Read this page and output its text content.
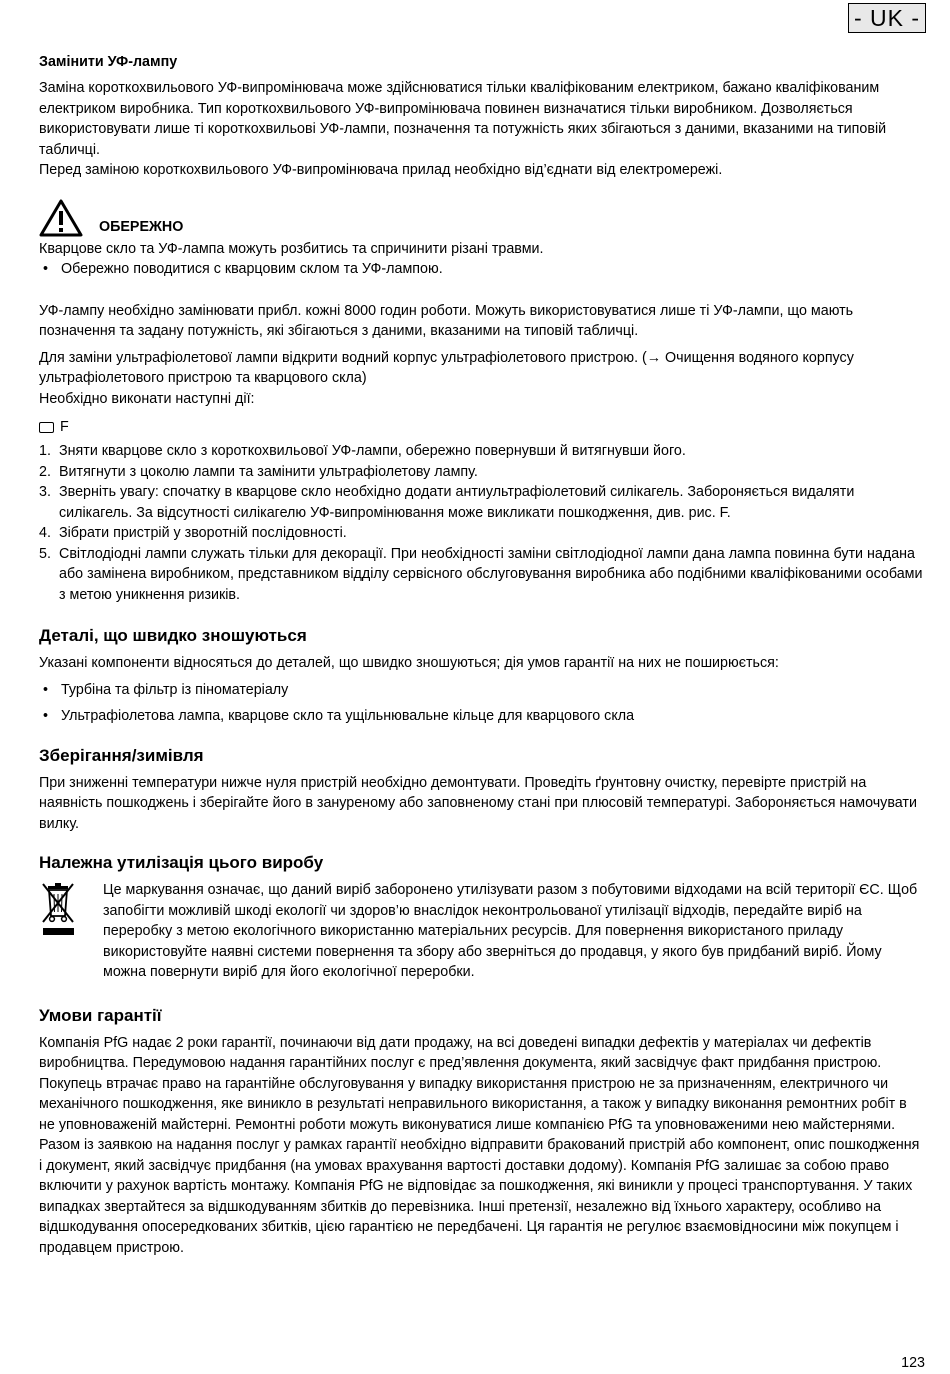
- UK -
Замінити УФ-лампу

Заміна короткохвильового УФ-випромінювача може здійснюватися тільки кваліфікованим електриком, бажано кваліфікованим електриком виробника. Тип короткохвильового УФ-випромінювача повинен визначатися тільки виробником. Дозволяється використовувати лише ті короткохвильові УФ-лампи, позначення та потужність яких збігаються з даними, вказаними на типовій табличці.

Перед заміною короткохвильового УФ-випромінювача прилад необхідно від’єднати від електромережі.

ОБЕРЕЖНО

Кварцове скло та УФ-лампа можуть розбитись та спричинити різані травми.

• Обережно поводитися с кварцовим склом та УФ-лампою.

УФ-лампу необхідно замінювати прибл. кожні 8000 годин роботи. Можуть використовуватися лише ті УФ-лампи, що мають позначення та задану потужність, які збігаються з даними, вказаними на типовій табличці.

Для заміни ультрафіолетової лампи відкрити водний корпус ультрафіолетового пристрою. (→ Очищення водяного корпусу ультрафіолетового пристрою та кварцового скла)

Необхідно виконати наступні дії:

F
1. Зняти кварцове скло з короткохвильової УФ-лампи, обережно повернувши й витягнувши його.
2. Витягнути з цоколю лампи та замінити ультрафіолетову лампу.
3. Зверніть увагу: спочатку в кварцове скло необхідно додати антиультрафіолетовий силікагель. Забороняється видаляти силікагель. За відсутності силікагелю УФ-випромінювання може викликати пошкодження, див. рис. F.
4. Зібрати пристрій у зворотній послідовності.
5. Світлодіодні лампи служать тільки для декорації. При необхідності заміни світлодіодної лампи дана лампа повинна бути надана або замінена виробником, представником відділу сервісного обслуговування виробника або подібними кваліфікованими особами з метою уникнення ризиків.
Деталі, що швидко зношуються

Указані компоненти відносяться до деталей, що швидко зношуються; дія умов гарантії на них не поширюється:

• Турбіна та фільтр із піноматеріалу
• Ультрафіолетова лампа, кварцове скло та ущільнювальне кільце для кварцового скла
Зберігання/зимівля

При зниженні температури нижче нуля пристрій необхідно демонтувати. Проведіть ґрунтовну очистку, перевірте пристрій на наявність пошкоджень і зберігайте його в зануреному або заповненому стані при плюсовій температурі. Забороняється намочувати вилку.

Належна утилізація цього виробу

Це маркування означає, що даний виріб заборонено утилізувати разом з побутовими відходами на всій території ЄС. Щоб запобігти можливій шкоді екології чи здоров’ю внаслідок неконтрольованої утилізації відходів, передайте виріб на переробку з метою екологічного використанню матеріальних ресурсів. Для повернення використаного приладу використовуйте наявні системи повернення та збору або зверніться до продавця, у якого був придбаний виріб. Йому можна повернути виріб для його екологічної переробки.

Умови гарантії

Компанія PfG надає 2 роки гарантії, починаючи від дати продажу, на всі доведені випадки дефектів у матеріалах чи дефектів виробництва. Передумовою надання гарантійних послуг є пред’явлення документа, який засвідчує факт придбання пристрою. Покупець втрачає право на гарантійне обслуговування у випадку використання пристрою не за призначенням, електричного чи механічного пошкодження, яке виникло в результаті неправильного використання, а також у випадку виконання ремонтних робіт в не уповноваженій майстерні. Ремонтні роботи можуть виконуватися лише компанією PfG та уповноваженими нею майстернями. Разом із заявкою на надання послуг у рамках гарантії необхідно відправити бракований пристрій або компонент, опис пошкодження і документ, який засвідчує придбання (на умовах врахування вартості доставки додому). Компанія PfG залишає за собою право включити у рахунок вартість монтажу. Компанія PfG не відповідає за пошкодження, які виникли у процесі транспортування. У таких випадках звертайтеся за відшкодуванням збитків до перевізника. Інші претензії, незалежно від їхнього характеру, особливо на відшкодування опосередкованих збитків, цією гарантією не передбачені. Ця гарантія не регулює взаємовідносини між покупцем і продавцем пристрою.

123
